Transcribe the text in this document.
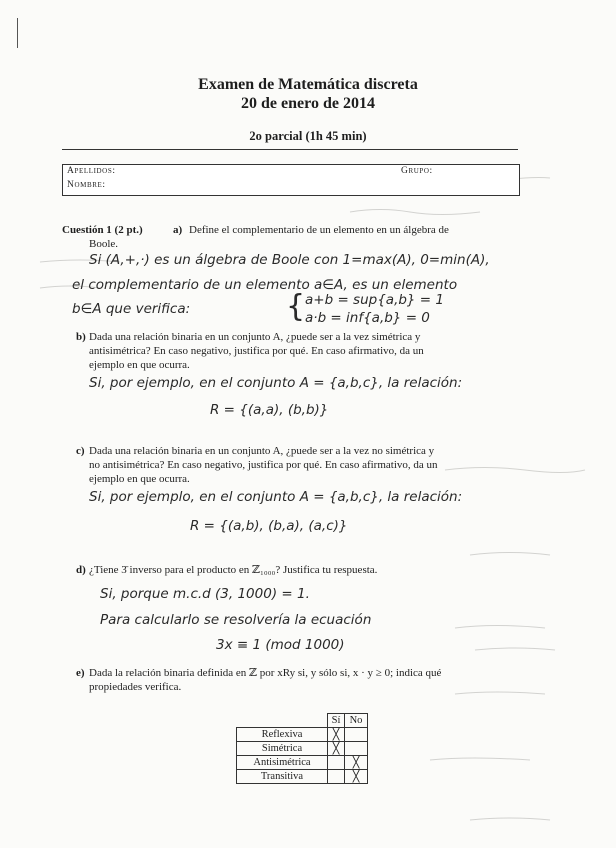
Examen de Matemática discreta
20 de enero de 2014
2o parcial (1h 45 min)
Apellidos:
Nombre:
Grupo:
Cuestión 1 (2 pt.)	a) Define el complementario de un elemento en un álgebra de
Boole.
Si (A,+,·) es un álgebra de Boole con 1=max(A), 0=min(A),
el complementario de un elemento a∈A, es un elemento
b∈A que verifica:	{ a+b = sup{a,b} = 1
a·b = inf{a,b} = 0
b) Dada una relación binaria en un conjunto A, ¿puede ser a la vez simétrica y
antisimétrica? En caso negativo, justifica por qué. En caso afirmativo, da un
ejemplo en que ocurra.
Si, por ejemplo, en el conjunto A = {a,b,c}, la relación:
R = {(a,a), (b,b)}
c) Dada una relación binaria en un conjunto A, ¿puede ser a la vez no simétrica y
no antisimétrica? En caso negativo, justifica por qué. En caso afirmativo, da un
ejemplo en que ocurra.
Si, por ejemplo, en el conjunto A = {a,b,c}, la relación:
R = {(a,b), (b,a), (a,c)}
d) ¿Tiene 3̄ inverso para el producto en ℤ₁₀₀₀? Justifica tu respuesta.
Si, porque m.c.d (3, 1000) = 1.
Para calcularlo se resolvería la ecuación
3x ≡ 1 (mod 1000)
e) Dada la relación binaria definida en ℤ por xRy si, y sólo si, x · y ≥ 0; indica qué
propiedades verifica.
	Sí	No
Reflexiva	╳	
Simétrica	╳	
Antisimétrica		╳
Transitiva		╳
